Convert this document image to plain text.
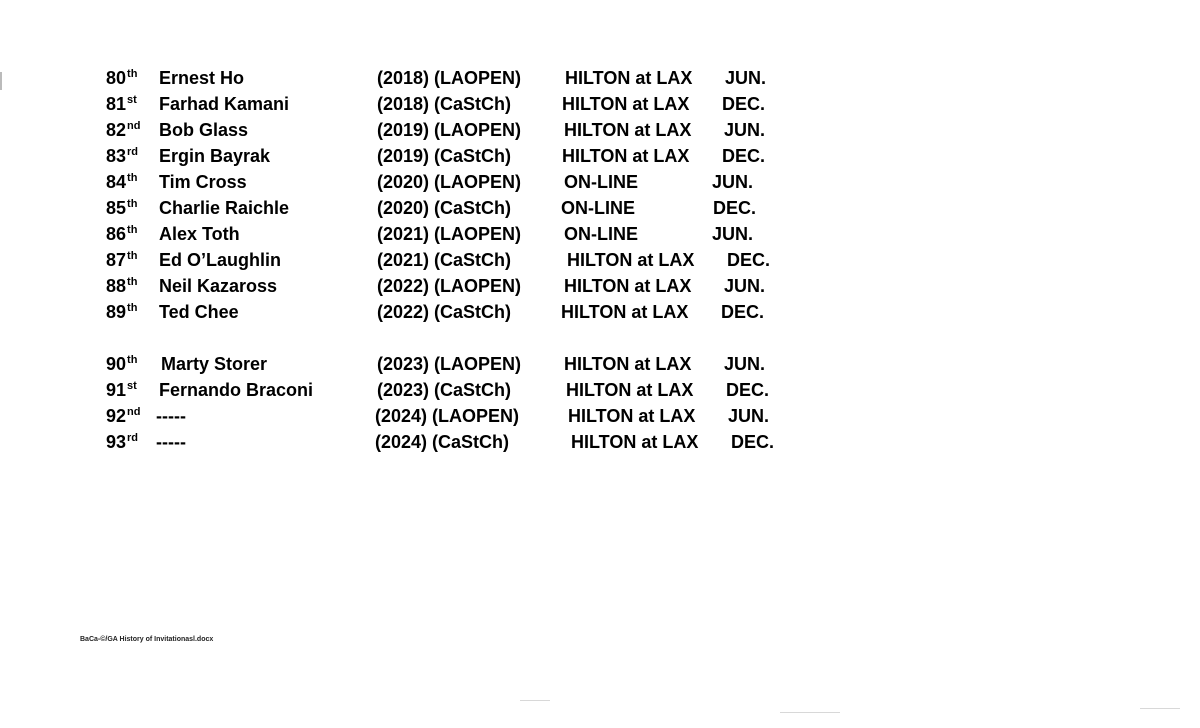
80th Ernest Ho	(2018) (LAOPEN) HILTON at LAX JUN.
81st Farhad Kamani	(2018) (CaStCh)	HILTON at LAX DEC.
82nd Bob Glass	(2019) (LAOPEN) HILTON at LAX JUN.
83rd Ergin Bayrak	(2019) (CaStCh)	HILTON at LAX DEC.
84th Tim Cross	(2020) (LAOPEN) ON-LINE	JUN.
85th Charlie Raichle	(2020) (CaStCh)	ON-LINE	DEC.
86th Alex Toth	(2021) (LAOPEN) ON-LINE	JUN.
87th Ed O’Laughlin	(2021) (CaStCh)	HILTON at LAX DEC.
88th Neil Kazaross	(2022) (LAOPEN) HILTON at LAX JUN.
89th Ted Chee	(2022) (CaStCh)	HILTON at LAX DEC.
90th Marty Storer	(2023) (LAOPEN) HILTON at LAX JUN.
91st Fernando Braconi	(2023) (CaStCh)	HILTON at LAX DEC.
92nd -----	(2024) (LAOPEN)	HILTON at LAX JUN.
93rd -----	(2024) (CaStCh)	HILTON at LAX DEC.
BaCa-©/GA History of Invitationasl.docx
